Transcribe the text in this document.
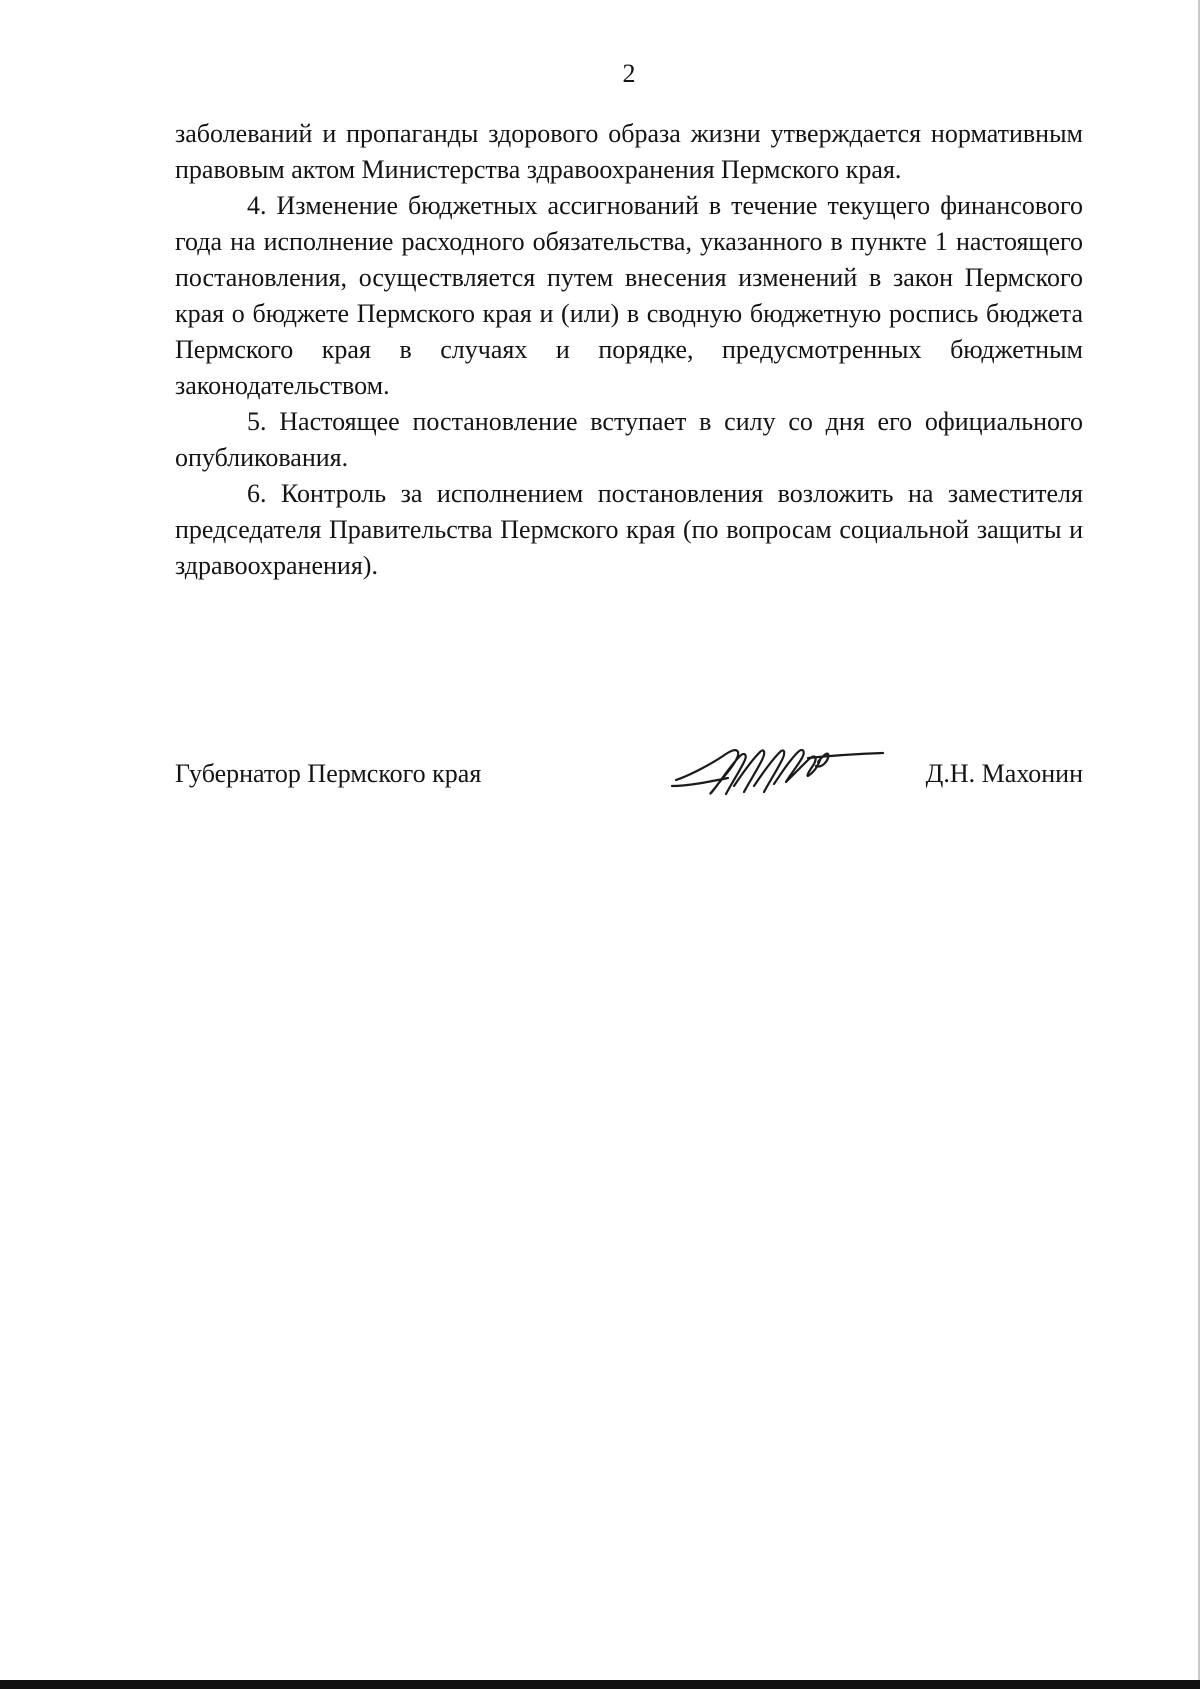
2

заболеваний и пропаганды здорового образа жизни утверждается нормативным правовым актом Министерства здравоохранения Пермского края.

4. Изменение бюджетных ассигнований в течение текущего финансового года на исполнение расходного обязательства, указанного в пункте 1 настоящего постановления, осуществляется путем внесения изменений в закон Пермского края о бюджете Пермского края и (или) в сводную бюджетную роспись бюджета Пермского края в случаях и порядке, предусмотренных бюджетным законодательством.

5. Настоящее постановление вступает в силу со дня его официального опубликования.

6. Контроль за исполнением постановления возложить на заместителя председателя Правительства Пермского края (по вопросам социальной защиты и здравоохранения).

Губернатор Пермского края	Д.Н. Махонин
